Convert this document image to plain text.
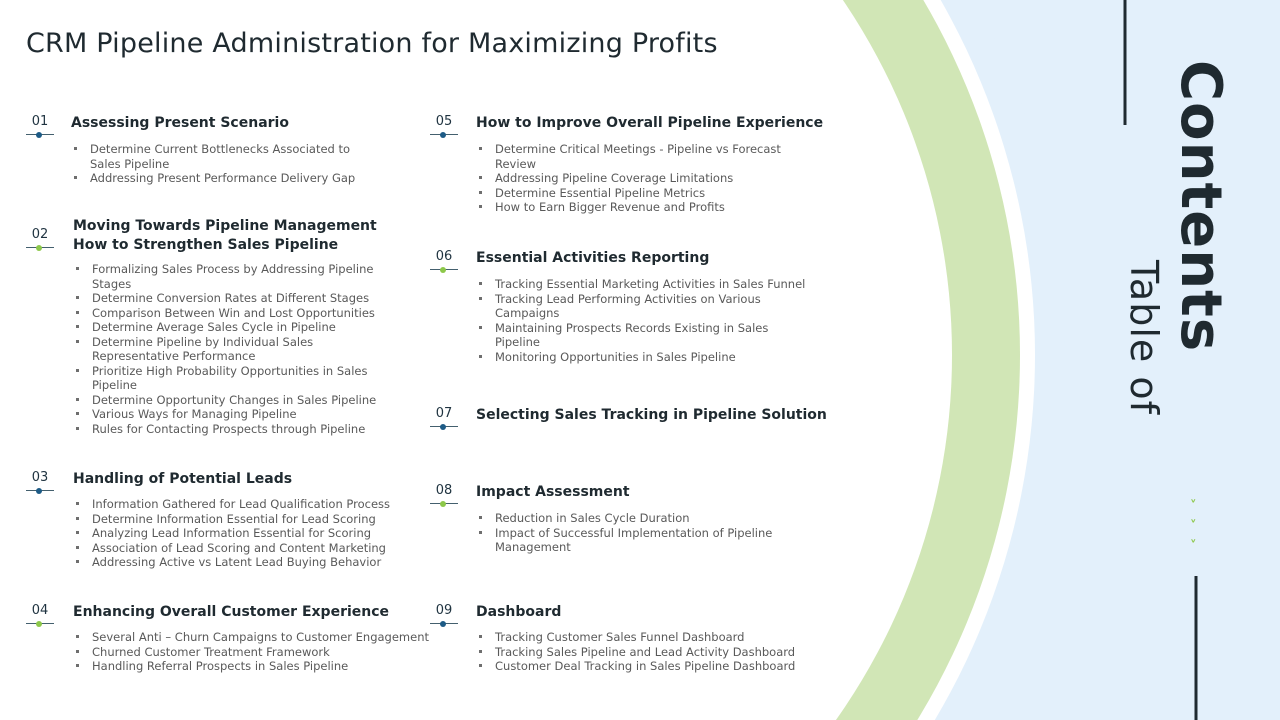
CRM Pipeline Administration for Maximizing Profits
Contents
Table of
˅
˅
˅
01	Assessing Present Scenario
Determine Current Bottlenecks Associated to Sales Pipeline
Addressing Present Performance Delivery Gap
02
Moving Towards Pipeline Management
How to Strengthen Sales Pipeline
Formalizing Sales Process by Addressing Pipeline Stages
Determine Conversion Rates at Different Stages
Comparison Between Win and Lost Opportunities
Determine Average Sales Cycle in Pipeline
Determine Pipeline by Individual Sales Representative Performance
Prioritize High Probability Opportunities in Sales Pipeline
Determine Opportunity Changes in Sales Pipeline
Various Ways for Managing Pipeline
Rules for Contacting Prospects through Pipeline
03	Handling of Potential Leads
Information Gathered for Lead Qualification Process
Determine Information Essential for Lead Scoring
Analyzing Lead Information Essential for Scoring
Association of Lead Scoring and Content Marketing
Addressing Active vs Latent Lead Buying Behavior
04	Enhancing Overall Customer Experience
Several Anti – Churn Campaigns to Customer Engagement
Churned Customer Treatment Framework
Handling Referral Prospects in Sales Pipeline
05	How to Improve Overall Pipeline Experience
Determine Critical Meetings - Pipeline vs Forecast Review
Addressing Pipeline Coverage Limitations
Determine Essential Pipeline Metrics
How to Earn Bigger Revenue and Profits
06	Essential Activities Reporting
Tracking Essential Marketing Activities in Sales Funnel
Tracking Lead Performing Activities on Various Campaigns
Maintaining Prospects Records Existing in Sales Pipeline
Monitoring Opportunities in Sales Pipeline
07	Selecting Sales Tracking in Pipeline Solution
08	Impact Assessment
Reduction in Sales Cycle Duration
Impact of Successful Implementation of Pipeline Management
09	Dashboard
Tracking Customer Sales Funnel Dashboard
Tracking Sales Pipeline and Lead Activity Dashboard
Customer Deal Tracking in Sales Pipeline Dashboard
